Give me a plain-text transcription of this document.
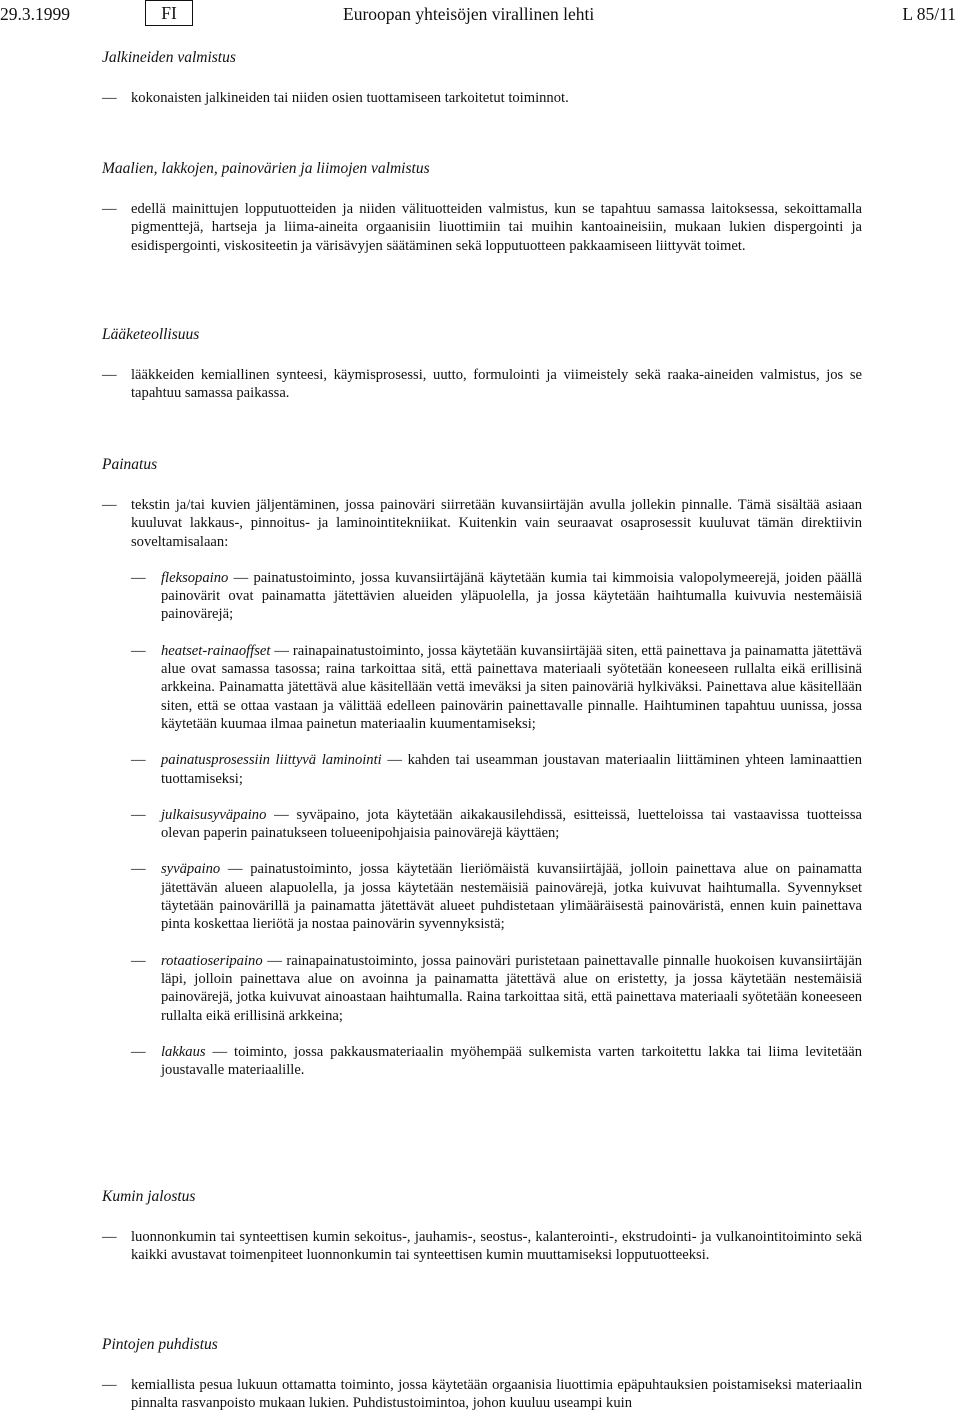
29.3.1999	FI	Euroopan yhteisöjen virallinen lehti	L 85/11

Jalkineiden valmistus

— kokonaisten jalkineiden tai niiden osien tuottamiseen tarkoitetut toiminnot.

Maalien, lakkojen, painovärien ja liimojen valmistus

— edellä mainittujen lopputuotteiden ja niiden välituotteiden valmistus, kun se tapahtuu samassa laitoksessa, sekoittamalla pigmenttejä, hartseja ja liima-aineita orgaanisiin liuottimiin tai muihin kantoaineisiin, mukaan lukien dispergointi ja esidispergointi, viskositeetin ja värisävyjen säätäminen sekä lopputuotteen pakkaamiseen liittyvät toimet.

Lääketeollisuus

— lääkkeiden kemiallinen synteesi, käymisprosessi, uutto, formulointi ja viimeistely sekä raaka-aineiden valmistus, jos se tapahtuu samassa paikassa.

Painatus

— tekstin ja/tai kuvien jäljentäminen, jossa painoväri siirretään kuvansiirtäjän avulla jollekin pinnalle. Tämä sisältää asiaan kuuluvat lakkaus-, pinnoitus- ja laminointitekniikat. Kuitenkin vain seuraavat osaprosessit kuuluvat tämän direktiivin soveltamisalaan:

— fleksopaino — painatustoiminto, jossa kuvansiirtäjänä käytetään kumia tai kimmoisia valopolymeerejä, joiden päällä painovärit ovat painamatta jätettävien alueiden yläpuolella, ja jossa käytetään haihtumalla kuivuvia nestemäisiä painovärejä;

— heatset-rainaoffset — rainapainatustoiminto, jossa käytetään kuvansiirtäjää siten, että painettava ja painamatta jätettävä alue ovat samassa tasossa; raina tarkoittaa sitä, että painettava materiaali syötetään koneeseen rullalta eikä erillisinä arkkeina. Painamatta jätettävä alue käsitellään vettä imeväksi ja siten painoväriä hylkiväksi. Painettava alue käsitellään siten, että se ottaa vastaan ja välittää edelleen painovärin painettavalle pinnalle. Haihtuminen tapahtuu uunissa, jossa käytetään kuumaa ilmaa painetun materiaalin kuumentamiseksi;

— painatusprosessiin liittyvä laminointi — kahden tai useamman joustavan materiaalin liittäminen yhteen laminaattien tuottamiseksi;

— julkaisusyväpaino — syväpaino, jota käytetään aikakausilehdissä, esitteissä, luetteloissa tai vastaavissa tuotteissa olevan paperin painatukseen tolueenipohjaisia painovärejä käyttäen;

— syväpaino — painatustoiminto, jossa käytetään lieriömäistä kuvansiirtäjää, jolloin painettava alue on painamatta jätettävän alueen alapuolella, ja jossa käytetään nestemäisiä painovärejä, jotka kuivuvat haihtumalla. Syvennykset täytetään painovärillä ja painamatta jätettävät alueet puhdistetaan ylimääräisestä painoväristä, ennen kuin painettava pinta koskettaa lieriötä ja nostaa painovärin syvennyksistä;

— rotaatioseripaino — rainapainatustoiminto, jossa painoväri puristetaan painettavalle pinnalle huokoisen kuvansiirtäjän läpi, jolloin painettava alue on avoinna ja painamatta jätettävä alue on eristetty, ja jossa käytetään nestemäisiä painovärejä, jotka kuivuvat ainoastaan haihtumalla. Raina tarkoittaa sitä, että painettava materiaali syötetään koneeseen rullalta eikä erillisinä arkkeina;

— lakkaus — toiminto, jossa pakkausmateriaalin myöhempää sulkemista varten tarkoitettu lakka tai liima levitetään joustavalle materiaalille.

Kumin jalostus

— luonnonkumin tai synteettisen kumin sekoitus-, jauhamis-, seostus-, kalanterointi-, ekstrudointi- ja vulkanointitoiminto sekä kaikki avustavat toimenpiteet luonnonkumin tai synteettisen kumin muuttamiseksi lopputuotteeksi.

Pintojen puhdistus

— kemiallista pesua lukuun ottamatta toiminto, jossa käytetään orgaanisia liuottimia epäpuhtauksien poistamiseksi materiaalin pinnalta rasvanpoisto mukaan lukien. Puhdistustoimintoa, johon kuuluu useampi kuin
